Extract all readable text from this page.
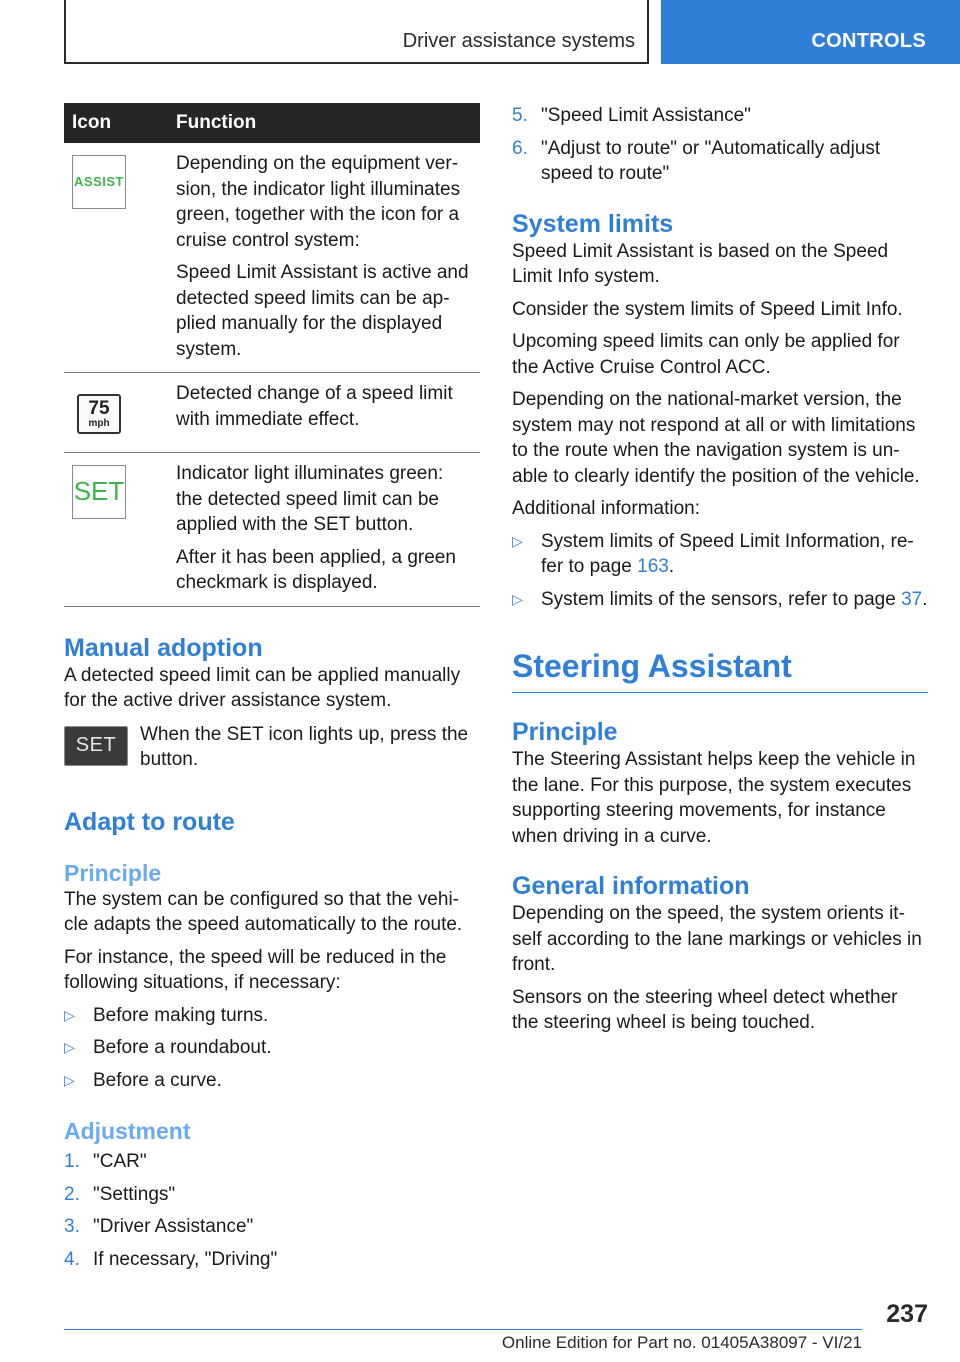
Driver assistance systems	CONTROLS
Icon	Function

ASSIST	Depending on the equipment ver-sion, the indicator light illuminates green, together with the icon for a cruise control system:

Speed Limit Assistant is active and detected speed limits can be ap-plied manually for the displayed system.

75
mph	Detected change of a speed limit with immediate effect.

SET	Indicator light illuminates green: the detected speed limit can be applied with the SET button.

After it has been applied, a green checkmark is displayed.

Manual adoption

A detected speed limit can be applied manually for the active driver assistance system.

SET When the SET icon lights up, press the button.

Adapt to route
Principle

The system can be configured so that the vehi-cle adapts the speed automatically to the route.

For instance, the speed will be reduced in the following situations, if necessary:

▷ Before making turns.
▷ Before a roundabout.
▷ Before a curve.
Adjustment
1. "CAR"
2. "Settings"
3. "Driver Assistance"
4. If necessary, "Driving"
5. "Speed Limit Assistance"
6. "Adjust to route" or "Automatically adjust speed to route"
System limits

Speed Limit Assistant is based on the Speed Limit Info system.

Consider the system limits of Speed Limit Info.

Upcoming speed limits can only be applied for the Active Cruise Control ACC.

Depending on the national-market version, the system may not respond at all or with limitations to the route when the navigation system is un-able to clearly identify the position of the vehicle.

Additional information:

▷ System limits of Speed Limit Information, re-fer to page 163.
▷ System limits of the sensors, refer to page 37.
Steering Assistant
Principle

The Steering Assistant helps keep the vehicle in the lane. For this purpose, the system executes supporting steering movements, for instance when driving in a curve.

General information

Depending on the speed, the system orients it-self according to the lane markings or vehicles in front.

Sensors on the steering wheel detect whether the steering wheel is being touched.

237
Online Edition for Part no. 01405A38097 - VI/21
